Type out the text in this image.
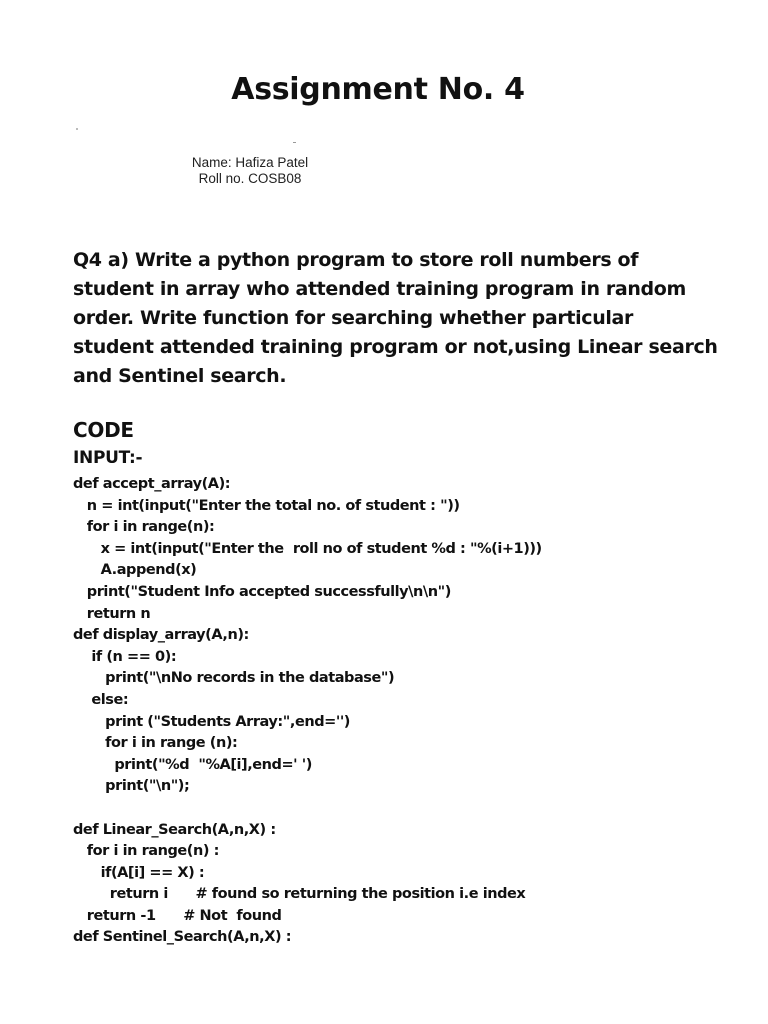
Assignment No. 4
Name: Hafiza Patel
Roll no. COSB08
Q4 a) Write a python program to store roll numbers of
student in array who attended training program in random
order. Write function for searching whether particular
student attended training program or not,using Linear search
and Sentinel search.
CODE
INPUT:-
def accept_array(A):
n = int(input("Enter the total no. of student : "))
for i in range(n):
x = int(input("Enter the  roll no of student %d : "%(i+1)))
A.append(x)
print("Student Info accepted successfully\n\n")
return n
def display_array(A,n):
if (n == 0):
print("\nNo records in the database")
else:
print ("Students Array:",end='')
for i in range (n):
print("%d  "%A[i],end=' ')
print("\n");
def Linear_Search(A,n,X) :
for i in range(n) :
if(A[i] == X) :
return i      # found so returning the position i.e index
return -1      # Not  found
def Sentinel_Search(A,n,X) :
